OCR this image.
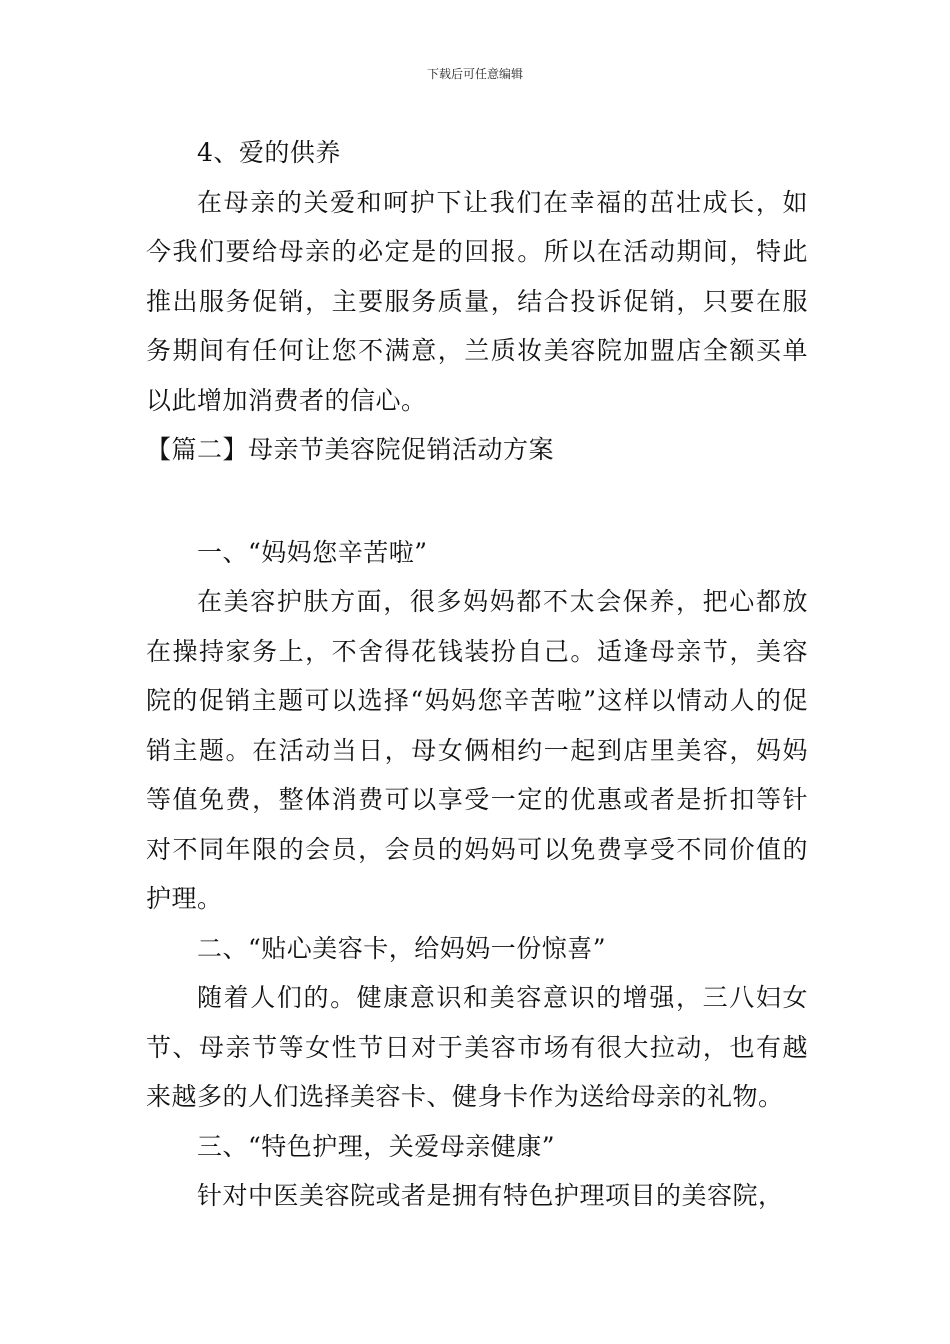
下载后可任意编辑

4、爱的供养

在母亲的关爱和呵护下让我们在幸福的茁壮成长，如今我们要给母亲的必定是的回报。所以在活动期间，特此推出服务促销，主要服务质量，结合投诉促销，只要在服务期间有任何让您不满意，兰质妆美容院加盟店全额买单以此增加消费者的信心。

【篇二】母亲节美容院促销活动方案

一、“妈妈您辛苦啦”

在美容护肤方面，很多妈妈都不太会保养，把心都放在操持家务上，不舍得花钱装扮自己。适逢母亲节，美容院的促销主题可以选择“妈妈您辛苦啦”这样以情动人的促销主题。在活动当日，母女俩相约一起到店里美容，妈妈等值免费，整体消费可以享受一定的优惠或者是折扣等针对不同年限的会员，会员的妈妈可以免费享受不同价值的护理。

二、“贴心美容卡，给妈妈一份惊喜”

随着人们的。健康意识和美容意识的增强，三八妇女节、母亲节等女性节日对于美容市场有很大拉动，也有越来越多的人们选择美容卡、健身卡作为送给母亲的礼物。

三、“特色护理，关爱母亲健康”

针对中医美容院或者是拥有特色护理项目的美容院，
